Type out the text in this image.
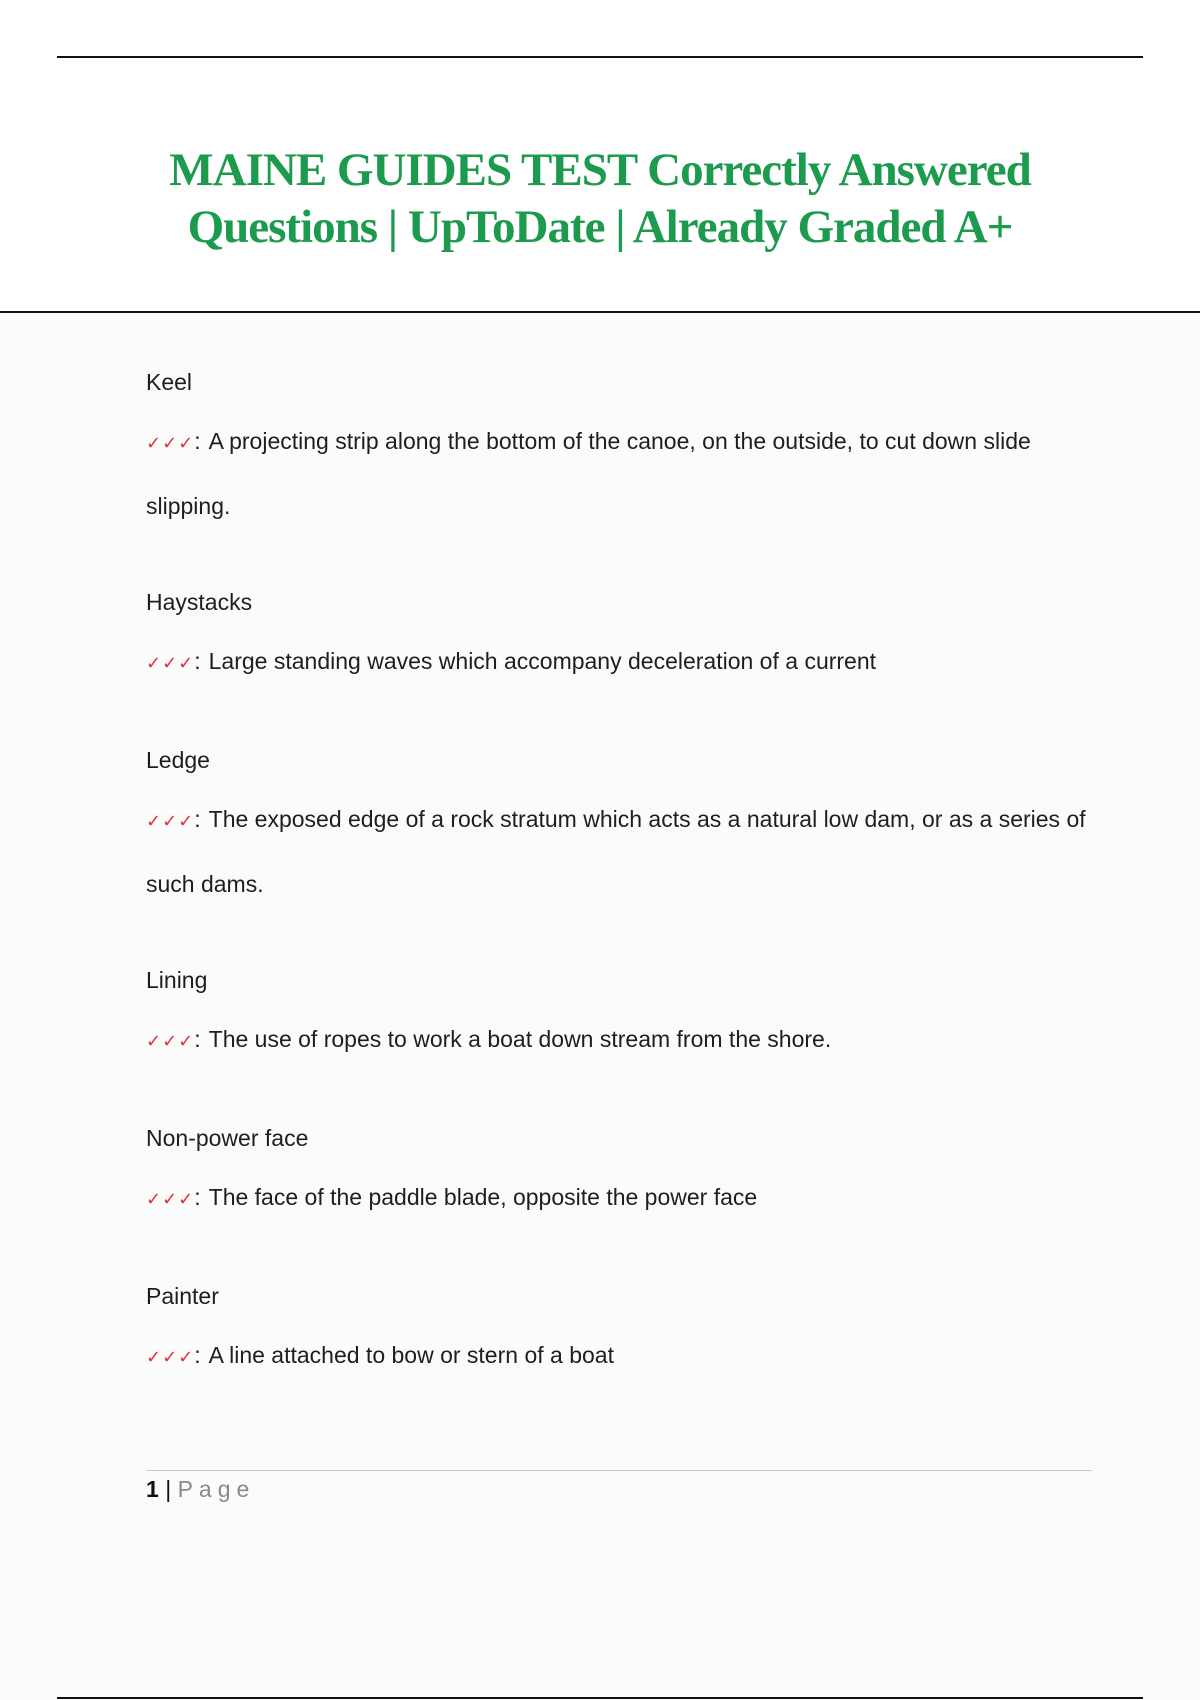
MAINE GUIDES TEST Correctly Answered
Questions | UpToDate | Already Graded A+
Keel
✓✓✓: A projecting strip along the bottom of the canoe, on the outside, to cut down slide slipping.
Haystacks
✓✓✓: Large standing waves which accompany deceleration of a current
Ledge
✓✓✓: The exposed edge of a rock stratum which acts as a natural low dam, or as a series of such dams.
Lining
✓✓✓: The use of ropes to work a boat down stream from the shore.
Non-power face
✓✓✓: The face of the paddle blade, opposite the power face
Painter
✓✓✓: A line attached to bow or stern of a boat
1 | Page
